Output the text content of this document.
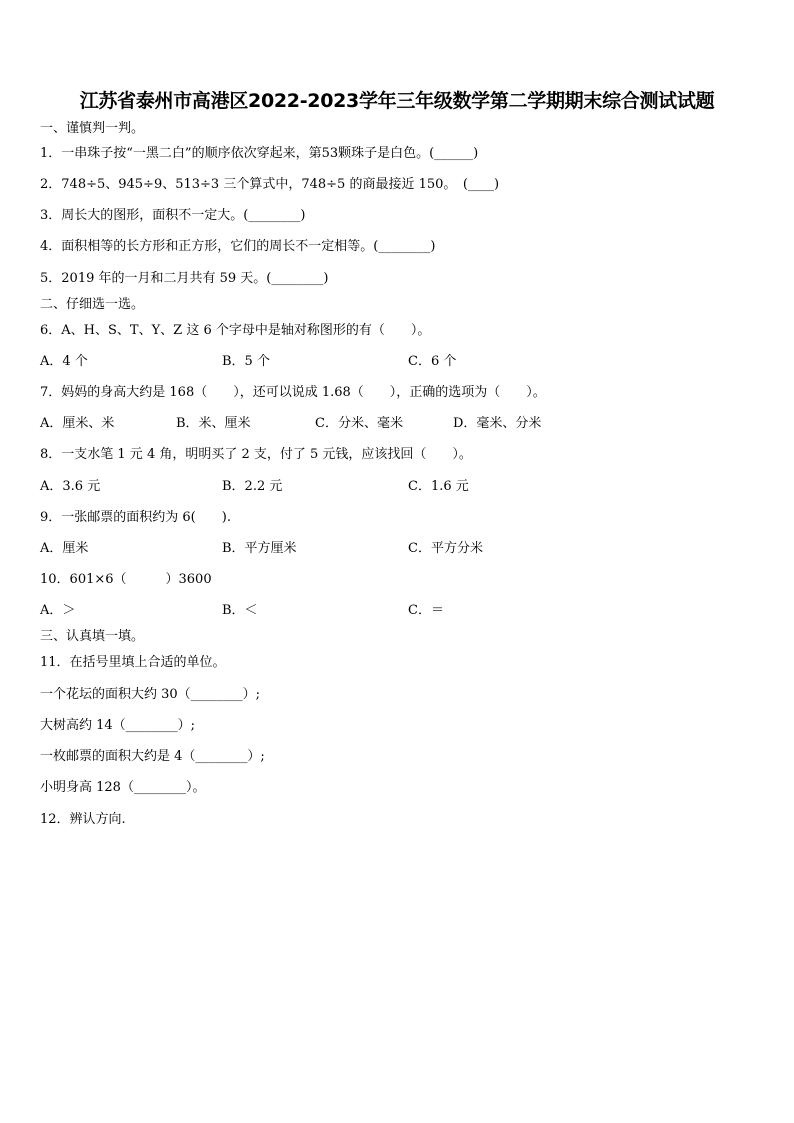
江苏省泰州市高港区2022-2023学年三年级数学第二学期期末综合测试试题
一、谨慎判一判。
1．一串珠子按“一黑二白”的顺序依次穿起来，第53颗珠子是白色。(______)
2．748÷5、945÷9、513÷3 三个算式中，748÷5 的商最接近 150。　(____)
3．周长大的图形，面积不一定大。(________)
4．面积相等的长方形和正方形，它们的周长不一定相等。(________)
5．2019 年的一月和二月共有 59 天。(________)
二、仔细选一选。
6．A、H、S、T、Y、Z 这 6 个字母中是轴对称图形的有（　　）。
A．4 个	B．5 个	C．6 个
7．妈妈的身高大约是 168（　　），还可以说成 1.68（　　），正确的选项为（　　）。
A．厘米、米	B．米、厘米	C．分米、毫米	D．毫米、分米
8．一支水笔 1 元 4 角，明明买了 2 支，付了 5 元钱，应该找回（　　）。
A．3.6 元	B．2.2 元	C．1.6 元
9．一张邮票的面积约为 6(　　).
A．厘米	B．平方厘米	C．平方分米
10．601×6（　　　）3600
A．＞	B．＜	C．＝
三、认真填一填。
11．在括号里填上合适的单位。
一个花坛的面积大约 30（________）;
大树高约 14（________）;
一枚邮票的面积大约是 4（________）;
小明身高 128（________）。
12．辨认方向.
